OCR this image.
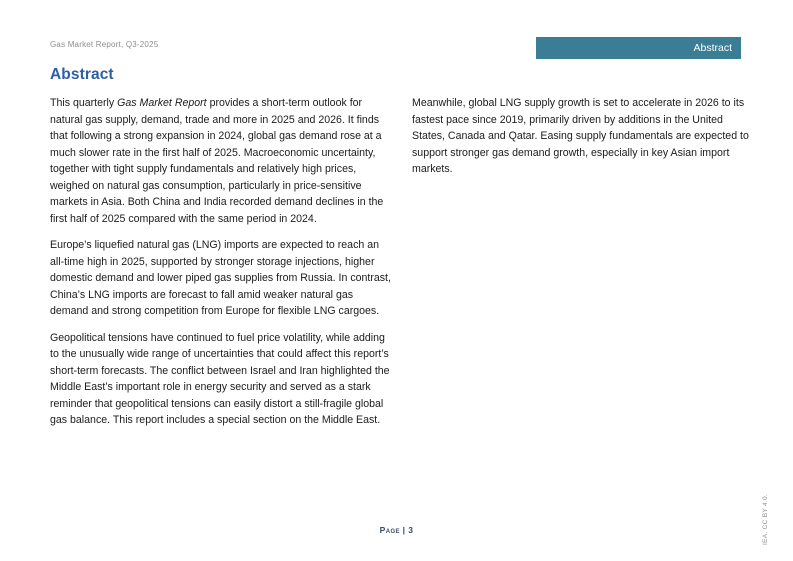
Gas Market Report, Q3-2025	Abstract
Abstract

This quarterly Gas Market Report provides a short-term outlook for natural gas supply, demand, trade and more in 2025 and 2026. It finds that following a strong expansion in 2024, global gas demand rose at a much slower rate in the first half of 2025. Macroeconomic uncertainty, together with tight supply fundamentals and relatively high prices, weighed on natural gas consumption, particularly in price-sensitive markets in Asia. Both China and India recorded demand declines in the first half of 2025 compared with the same period in 2024.

Europe’s liquefied natural gas (LNG) imports are expected to reach an all-time high in 2025, supported by stronger storage injections, higher domestic demand and lower piped gas supplies from Russia. In contrast, China’s LNG imports are forecast to fall amid weaker natural gas demand and strong competition from Europe for flexible LNG cargoes.

Geopolitical tensions have continued to fuel price volatility, while adding to the unusually wide range of uncertainties that could affect this report’s short-term forecasts. The conflict between Israel and Iran highlighted the Middle East’s important role in energy security and served as a stark reminder that geopolitical tensions can easily distort a still-fragile global gas balance. This report includes a special section on the Middle East.

Meanwhile, global LNG supply growth is set to accelerate in 2026 to its fastest pace since 2019, primarily driven by additions in the United States, Canada and Qatar. Easing supply fundamentals are expected to support stronger gas demand growth, especially in key Asian import markets.

Page | 3	IEA. CC BY 4.0.
